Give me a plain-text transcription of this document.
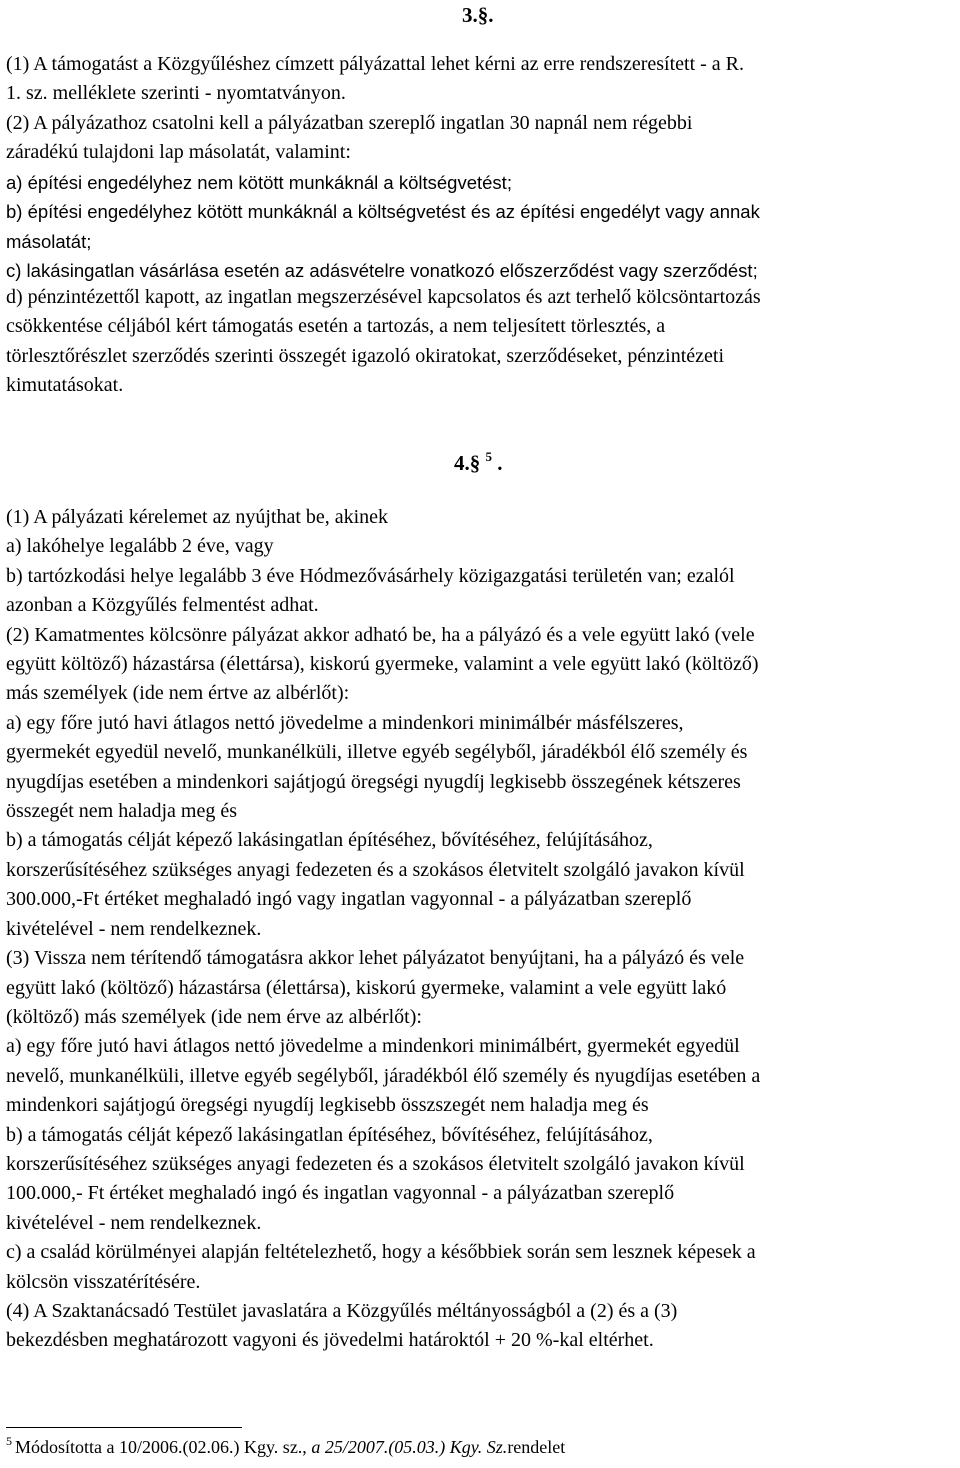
3.§.
(1) A támogatást a Közgyűléshez címzett pályázattal lehet kérni az erre rendszeresített - a R.
1. sz. melléklete szerinti - nyomtatványon.
(2) A pályázathoz csatolni kell a pályázatban szereplő ingatlan 30 napnál nem régebbi
záradékú tulajdoni lap másolatát, valamint:
a) építési engedélyhez nem kötött munkáknál a költségvetést;
b) építési engedélyhez kötött munkáknál a költségvetést és az építési engedélyt vagy annak
másolatát;
c) lakásingatlan vásárlása esetén az adásvételre vonatkozó előszerződést vagy szerződést;
d) pénzintézettől kapott, az ingatlan megszerzésével kapcsolatos és azt terhelő kölcsöntartozás
csökkentése céljából kért támogatás esetén a tartozás, a nem teljesített törlesztés, a
törlesztőrészlet szerződés szerinti összegét igazoló okiratokat, szerződéseket, pénzintézeti
kimutatásokat.
4.§ $^5$ .
(1) A pályázati kérelemet az nyújthat be, akinek
a) lakóhelye legalább 2 éve, vagy
b) tartózkodási helye legalább 3 éve Hódmezővásárhely közigazgatási területén van; ezalól
azonban a Közgyűlés felmentést adhat.
(2) Kamatmentes kölcsönre pályázat akkor adható be, ha a pályázó és a vele együtt lakó (vele
együtt költöző) házastársa (élettársa), kiskorú gyermeke, valamint a vele együtt lakó (költöző)
más személyek (ide nem értve az albérlőt):
a) egy főre jutó havi átlagos nettó jövedelme a mindenkori minimálbér másfélszeres,
gyermekét egyedül nevelő, munkanélküli, illetve egyéb segélyből, járadékból élő személy és
nyugdíjas esetében a mindenkori sajátjogú öregségi nyugdíj legkisebb összegének kétszeres
összegét nem haladja meg és
b) a támogatás célját képező lakásingatlan építéséhez, bővítéséhez, felújításához,
korszerűsítéséhez szükséges anyagi fedezeten és a szokásos életvitelt szolgáló javakon kívül
300.000,-Ft értéket meghaladó ingó vagy ingatlan vagyonnal - a pályázatban szereplő
kivételével - nem rendelkeznek.
(3) Vissza nem térítendő támogatásra akkor lehet pályázatot benyújtani, ha a pályázó és vele
együtt lakó (költöző) házastársa (élettársa), kiskorú gyermeke, valamint a vele együtt lakó
(költöző) más személyek (ide nem érve az albérlőt):
a) egy főre jutó havi átlagos nettó jövedelme a mindenkori minimálbért, gyermekét egyedül
nevelő, munkanélküli, illetve egyéb segélyből, járadékból élő személy és nyugdíjas esetében a
mindenkori sajátjogú öregségi nyugdíj legkisebb összszegét nem haladja meg és
b) a támogatás célját képező lakásingatlan építéséhez, bővítéséhez, felújításához,
korszerűsítéséhez szükséges anyagi fedezeten és a szokásos életvitelt szolgáló javakon kívül
100.000,- Ft értéket meghaladó ingó és ingatlan vagyonnal - a pályázatban szereplő
kivételével - nem rendelkeznek.
c) a család körülményei alapján feltételezhető, hogy a későbbiek során sem lesznek képesek a
kölcsön visszatérítésére.
(4) A Szaktanácsadó Testület javaslatára a Közgyűlés méltányosságból a (2) és a (3)
bekezdésben meghatározott vagyoni és jövedelmi határoktól + 20 %-kal eltérhet.
$^5$ Módosította a 10/2006.(02.06.) Kgy. sz., a 25/2007.(05.03.) Kgy. Sz.rendelet
